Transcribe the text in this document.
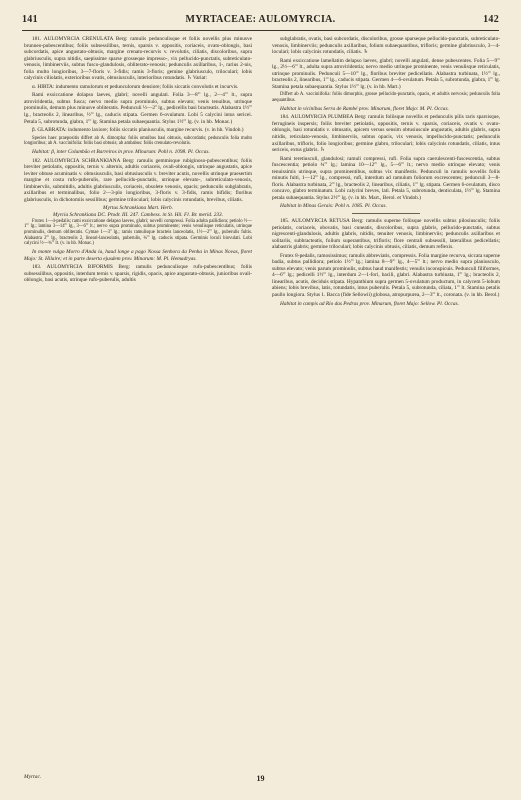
141	MYRTACEAE: AULOMYRCIA.	142

181. AULOMYRCIA CRENULATA Berg: ramulis pedunculisque et foliis novellis plus minusve brunneo-pubescentibus; foliis subsessilibus, ternis, sparsis v. oppositis, coriaceis, ovato-oblongis, basi subcordatis, apice angustato-obtusis, margine crenato-recurvis v. revolutis, ciliatis, discoloribus, supra glabriusculis, supra nitidis, saepissime sparse grosseque impresso-, vix pellucido-punctatis, subreticulato-venosis, limbinerviis, subtus fusco-glandulosis, obliterato-venosis; pedunculis axillaribus, 1-, rarius 2-nis, folia multo longioribus, 3—7-floris v. 3-fidis; ramis 3-floris; gemine glabriusculo, triloculari; lobis calycinis ciliolatis, exterioribus ovatis, obtusiusculis, interioribus rotundatis. ♄ Variat:

α. HIRTA: indumento ramulorum et pedunculorum densiore; foliis siccatis convolutis et incurvis.

Rami exsiccatione dolapso laeves, glabri; novelli angulati. Folia 3—8''' lg., 2—4''' lt., supra atroviridentia, subtus fusca; nervo medio supra prominulo, subtus elevato; venis tenuibus, utrinque prominulis, demum plus minusve obliteratis. Pedunculi ½—2'' lg., pedicellis basi bracteatis. Alabastra 1½''' lg., bracteolis 2, linearibus, ½''' lg., caducis stipata. Germen 6-ovulatum. Lobi 5 calycini intus sericei. Petala 5, subrotunda, glabra, 1''' lg. Stamina petala subaequantia. Stylus 1½''' lg. (v. in hb. Monac.)

β. GLABRATA: indumento laxiore; foliis siccatis planiusculis, margine recurvis. (v. in hb. Vindob.)

Species haec praepositis differt ab A. dimorpha: foliis omnibus basi obtusis, subcordatis; pedunculis folia multo longioribus; ab A. vaccinifolia: foliis basi obtusis; ab ambabus: foliis crenulato-revolutis.

Habitat: β, inter Columbão et Barreiros in prov. Minarum: Pohl n. 1098. Pl. Occas.

182. AULOMYRCIA SCHRANKIANA Berg: ramulis gemmisque rubiginoso-pubescentibus; foliis breviter petiolatis, oppositis, ternis v. alternis, adultis coriaceis, ovali-oblongis, utrinque angustatis, apice leviter obtuse acuminatis v. obtusiusculis, basi obtusiusculis v. breviter acutis, novellis utrinque praesertim margine et costa rufo-puberulis, rare pellucido-punctatis, utrinque elevato-, subreticulato-venosis, limbinerviis, submitidis, adultis glabriusculis, coriaceis, obsolete venosis, opacis; pedunculis subglabratis, axillaribus et terminalibus, folio 2—3-plo longioribus, 3-floris v. 3-fidis, ramis bifidis; floribus glabriusculis, in dichotomiis sessilibus; germine triloculari; lobis calycinis rotundatis, brevibus, ciliatis.

Myrtus Schrankiana Mart. Herb.

Myrcia Schrankiana DC. Prodr. III. 247. Cambess. in St. Hil. Fl. Br. merid. 233.

Frutex 1—4-pedalis; rami exsiccatione delapso laeves, glabri; novelli compressi. Folia adulta pallidiora; petiolo ½—1''' lg.; lamina 3—14''' lg., 3—6''' lt.; nervo supra prominulo, subtus prominente; venis venulisque reticulatis, utrinque prominulis, demum obliteratis. Cymae 1—3'' lg.; ramis ramulisque bracteis lanceolatis, 1½—2''' lg., puberulis fultis. Alabastra 2''' lg., bracteolis 2, lineari-lanceolatis, puberulis, ¾''' lg. caducis stipata. Germinis loculi biovulati. Lobi calycini ½—¾''' lt. (v. in hb. Monac.)

In monte vulgo Morro d'Anda ia, haud longe a pago Nossa Senhora da Penha in Minas Novas, floret Majo: St. Hilaire; et in parte deserta ejusdem prov. Minarum: M. Pl. Hemadryas.

183. AULOMYRCIA BIFORMIS Berg: ramulis pedunculisque rufo-pubescentibus; foliis subsessilibus, oppositis, interdum ternis v. sparsis, rigidis, opacis, apice angustato-obtusis, junioribus ovali-oblongis, basi acutis, utrinque rufo-puberulis, adultis

subglabratis, ovatis, basi subcordatis, discoloribus, grosse sparseque pellucido-punctatis, subreticulato-venosis, limbinerviis; pedunculis axillaribus, folium subaequantibus, trifloris; germine glabriusculo, 3—4-loculari; lobis calycinis rotundatis, ciliatis. ♄

Rami exsiccatione lamellatim delapso laeves, glabri; novelli angulati, dense pubescentes. Folia 5—9''' lg., 2½—6''' lt., adulta supra atroviridentia; nervo medio utrinque prominente, venis venulisque reticulatis, utrinque prominulis. Pedunculi 5—10''' lg., floribus breviter pedicellatis. Alabastra turbinata, 1½''' lg., bracteolis 2, linearibus, 1''' lg., caducis stipata. Germen 4—6-ovulatum. Petala 5, subrotunda, glabra, 1''' lg. Stamina petala subaequantia. Stylus 1½''' lg. (v. in hb. Mart.)

Differt ab A. vacciniifolia: foliis dimorphis, grosse pellucido-punctatis, opacis, et adultis nervosis; pedunculis folia aequantibus.

Habitat in vicinibus Serra de Rambé prov. Minarum, floret Majo: M. Pl. Occas.

184. AULOMYRCIA PLUMBEA Berg: ramulis foliisque novellis et pedunculis pilis raris sparsisque, ferrugineis inspersis; foliis breviter petiolatis, oppositis, ternis v. sparsis, coriaceis, ovatis v. ovato-oblongis, basi rotundatis v. obtusatis, apicem versus sensim obtusiuscule angustatis, adultis glabris, supra nitidis, reticulato-venosis, limbinerviis, subtus opacis, vix venosis, impellucido-punctatis; pedunculis axillaribus, trifloris, folio longioribus; germine glabro, triloculari; lobis calycinis rotundatis, ciliatis, intus sericeis, extus glabris. ♄

Rami teretiusculi, glandulosi; ramuli compressi, rufi. Folia supra caerulescenti-fuscescentia, subtus fuscescentia; petiolo ¾''' lg.; lamina 10—12''' lg., 5—6''' lt.; nervo medio utrinque elevato; venis tenuissimis utrinque, supra prominentibus, subtus vix manifestis. Pedunculi in ramulis novellis foliis minutis fulti, 1—12''' lg., compressi, rufi, interdum ad ramulum foliorum excrescentes; pedunculi 3—8-floris. Alabastra turbinata, 2''' lg., bracteolis 2, linearibus, ciliatis, 1''' lg. stipata. Germen 6-ovulatum, disco concavo, glabro terminatum. Lobi calycini breves, lati. Petala 5, subrotunda, denticulata, 1½''' lg. Stamina petala subaequantia. Stylus 2½''' lg. (v. in hb. Mart., Berol. et Vindob.)

Habitat in Minas Gerais: Pohl n. 1085. Pl. Occas.

185. AULOMYRCIA RETUSA Berg: ramulis superne foliisque novellis subtus pilosiusculis; foliis petiolatis, coriaceis, obovatis, basi cuneatis, discoloribus, supra glabris, pellucido-punctatis, subtus nigrescenti-glandulosis, adultis glabris, nitidis, tenuiter venosis, limbinerviis; pedunculis axillaribus et solitariis, subbracteatis, folium superantibus, trifloris; flore centrali subsessili, lateralibus pedicellatis; alabastris glabris; germine triloculari; lobis calycinis obtusis, ciliatis, demum reflexis.

Frutex 8-pedalis, ramosissimus; ramulis abbreviatis, compressis. Folia margine recurva, siccata superne badia, subtus pallidiora; petiolo 1½''' lg.; lamina 8—9''' lg., 4—5''' lt.; nervo medio supra planiusculo, subtus elevato; venis parum prominulis, subtus haud manifestis; venulis inconspicuis. Pedunculi filiformes, 4—6''' lg.; pedicelli 1½''' lg., interdum 2—1-fori, bacili, glabri. Alabastra turbinata, 1''' lg.; bracteolis 2, linearibus, acutis, deciduis stipata. Hypanthium supra germen 5-ovulatum productum, in calycem 5-lobum abiens; lobis brevibus, latis, rotundatis, intus puberulis. Petala 5, subrotunda, ciliata, 1''' lt. Stamina petalis paullo longiora. Stylus 1. Bacca (fide Sellowii) globosa, atropurpurea, 2—3''' lt., coronata. (v. in hb. Berol.)

Habitat in campis ad Rio das Pedras prov. Minarum, floret Majo: Sellow. Pl. Occas.

19
Myrtac.
